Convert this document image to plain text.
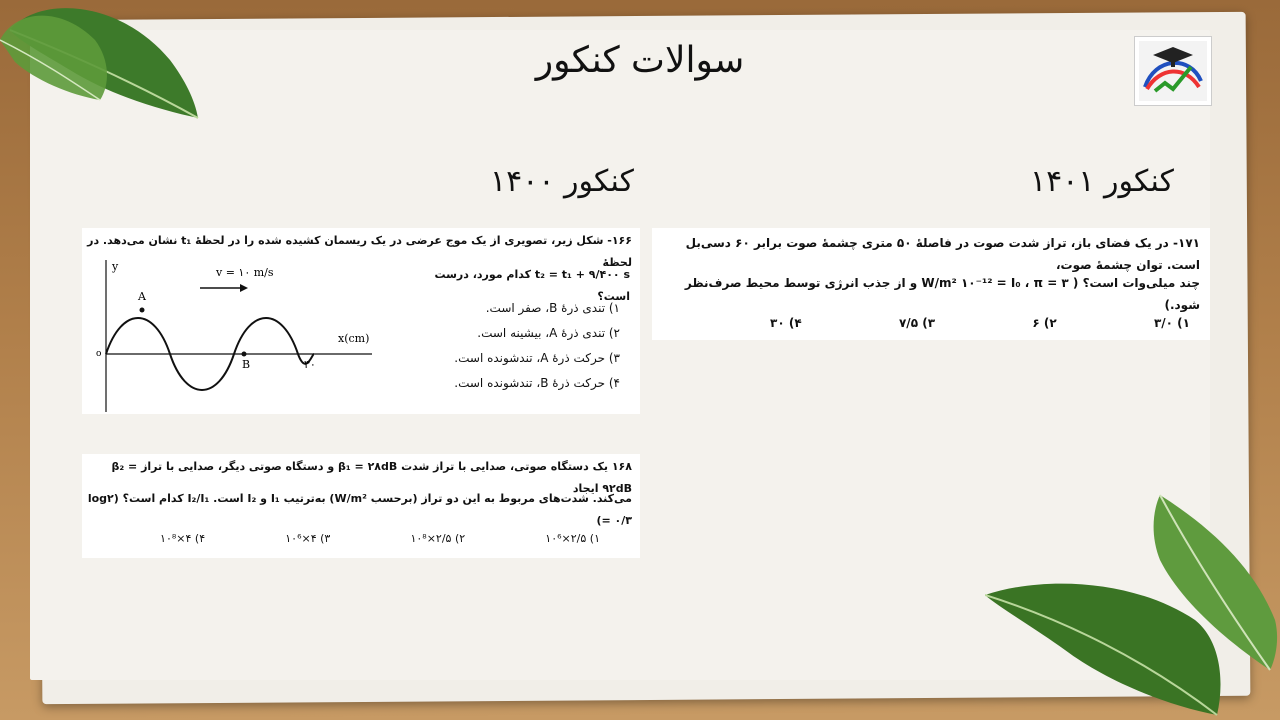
سوالات کنکور
کنکور ۱۴۰۱
کنکور ۱۴۰۰
۱۷۱- در یک فضای باز، تراز شدت صوت در فاصلهٔ ۵۰ متری چشمهٔ صوت برابر ۶۰ دسی‌بل است. توان چشمهٔ صوت،
چند میلی‌وات است؟ ( W/m² ‎۱۰⁻¹²‎ = I₀ ، π = ۳ و از جذب انرژی توسط محیط صرف‌نظر شود.)
۱) ۳/۰
۲) ۶
۳) ۷/۵
۴) ۳۰
۱۶۶- شکل زیر، تصویری از یک موج عرضی در یک ریسمان کشیده شده را در لحظهٔ t₁ نشان می‌دهد. در لحظهٔ
t₂ = t₁ + ۹/۴۰۰ s کدام مورد، درست است؟
۱) تندی ذرهٔ B، صفر است.
۲) تندی ذرهٔ A، بیشینه است.
۳) حرکت ذرهٔ A، تندشونده است.
۴) حرکت ذرهٔ B، تندشونده است.
y
x(cm)
v = ۱۰ m/s
A
B	۳۰
o
۱۶۸ یک دستگاه صوتی، صدایی با تراز شدت β₁ = ۲۸dB و دستگاه صوتی دیگر، صدایی با تراز β₂ = ۹۲dB ایجاد
می‌کند. شدت‌های مربوط به این دو تراز (برحسب W/m²) به‌ترتیب I₁ و I₂ است. I₂/I₁ کدام است؟ (log۲ = ۰/۳)
۱) ۲/۵×۱۰⁶
۲) ۲/۵×۱۰⁸
۳) ۴×۱۰⁶
۴) ۴×۱۰⁸
